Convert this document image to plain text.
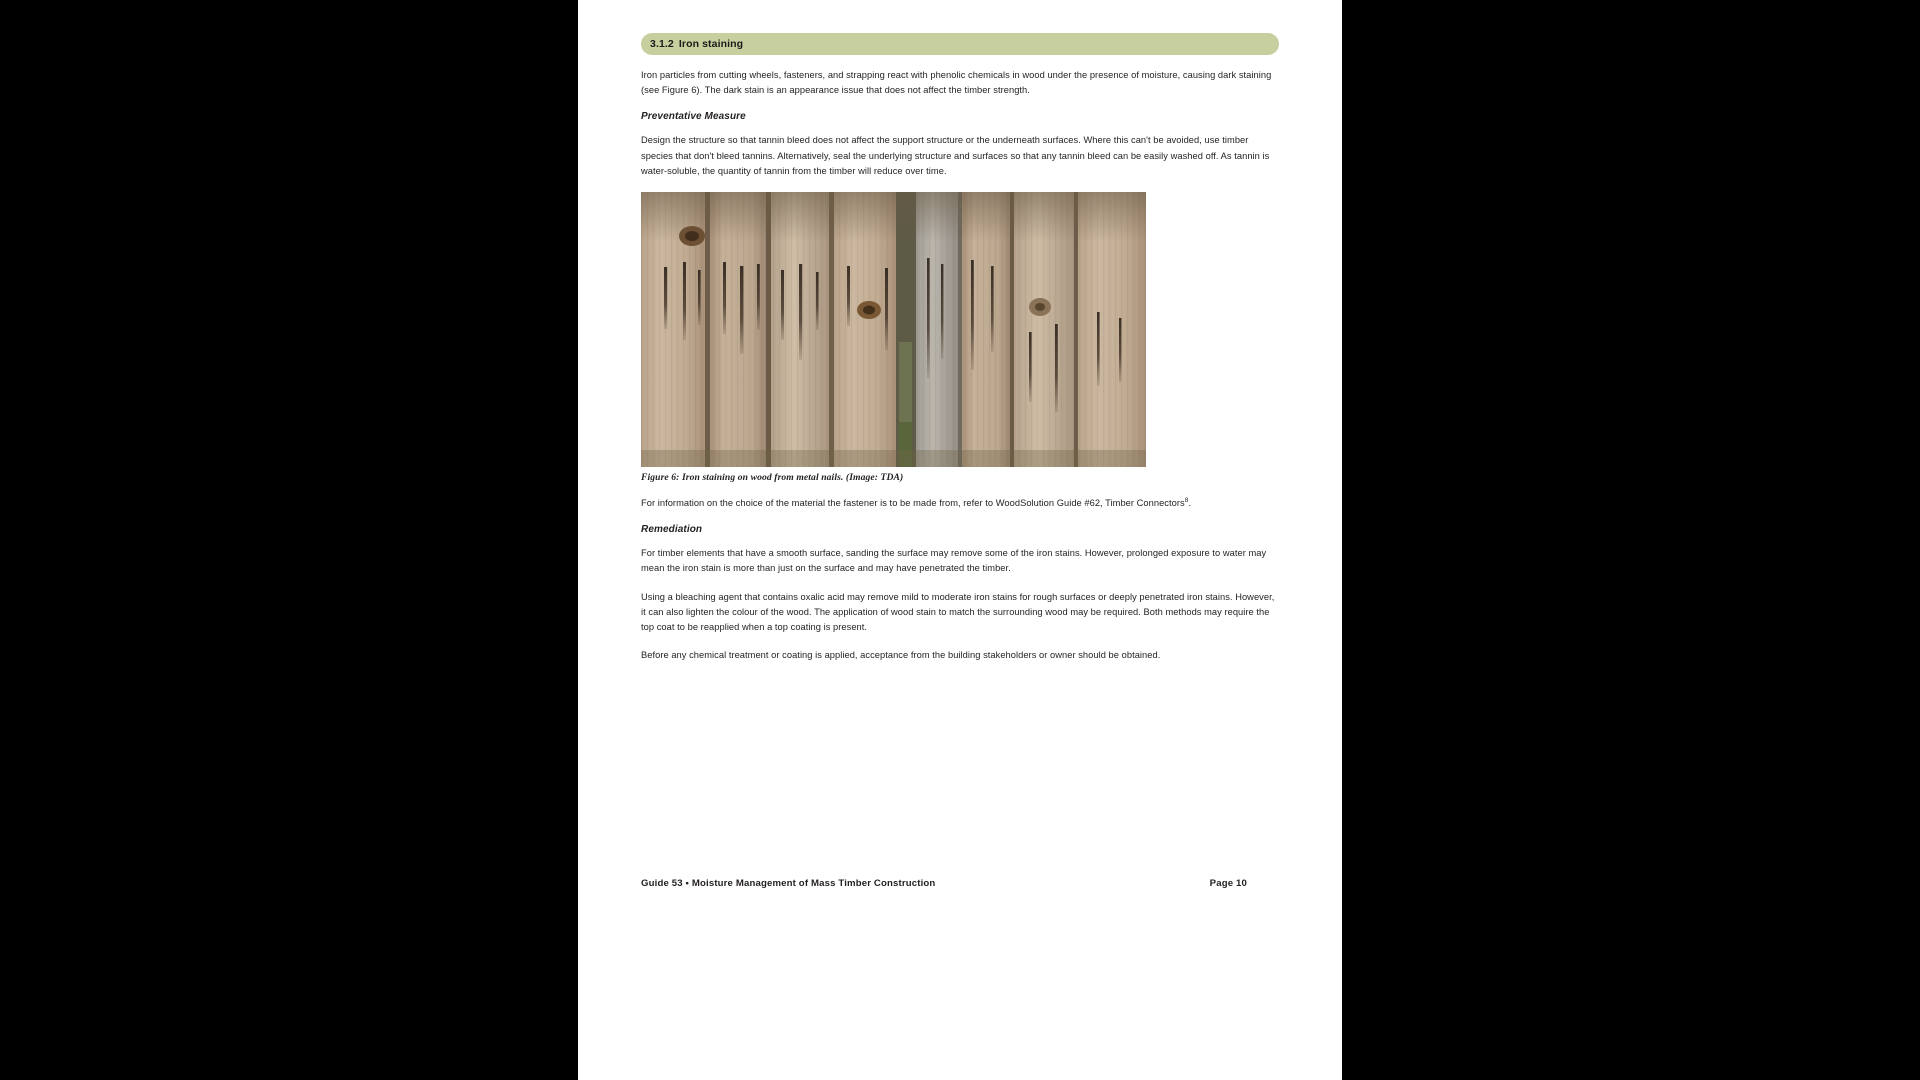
3.1.2 Iron staining

Iron particles from cutting wheels, fasteners, and strapping react with phenolic chemicals in wood under the presence of moisture, causing dark staining (see Figure 6). The dark stain is an appearance issue that does not affect the timber strength.

Preventative Measure

Design the structure so that tannin bleed does not affect the support structure or the underneath surfaces. Where this can't be avoided, use timber species that don't bleed tannins. Alternatively, seal the underlying structure and surfaces so that any tannin bleed can be easily washed off. As tannin is water-soluble, the quantity of tannin from the timber will reduce over time.

Figure 6: Iron staining on wood from metal nails. (Image: TDA)

For information on the choice of the material the fastener is to be made from, refer to WoodSolution Guide #62, Timber Connectors$^8$.

Remediation

For timber elements that have a smooth surface, sanding the surface may remove some of the iron stains. However, prolonged exposure to water may mean the iron stain is more than just on the surface and may have penetrated the timber.

Using a bleaching agent that contains oxalic acid may remove mild to moderate iron stains for rough surfaces or deeply penetrated iron stains. However, it can also lighten the colour of the wood. The application of wood stain to match the surrounding wood may be required. Both methods may require the top coat to be reapplied when a top coating is present.

Before any chemical treatment or coating is applied, acceptance from the building stakeholders or owner should be obtained.

Guide 53 • Moisture Management of Mass Timber Construction	Page 10
